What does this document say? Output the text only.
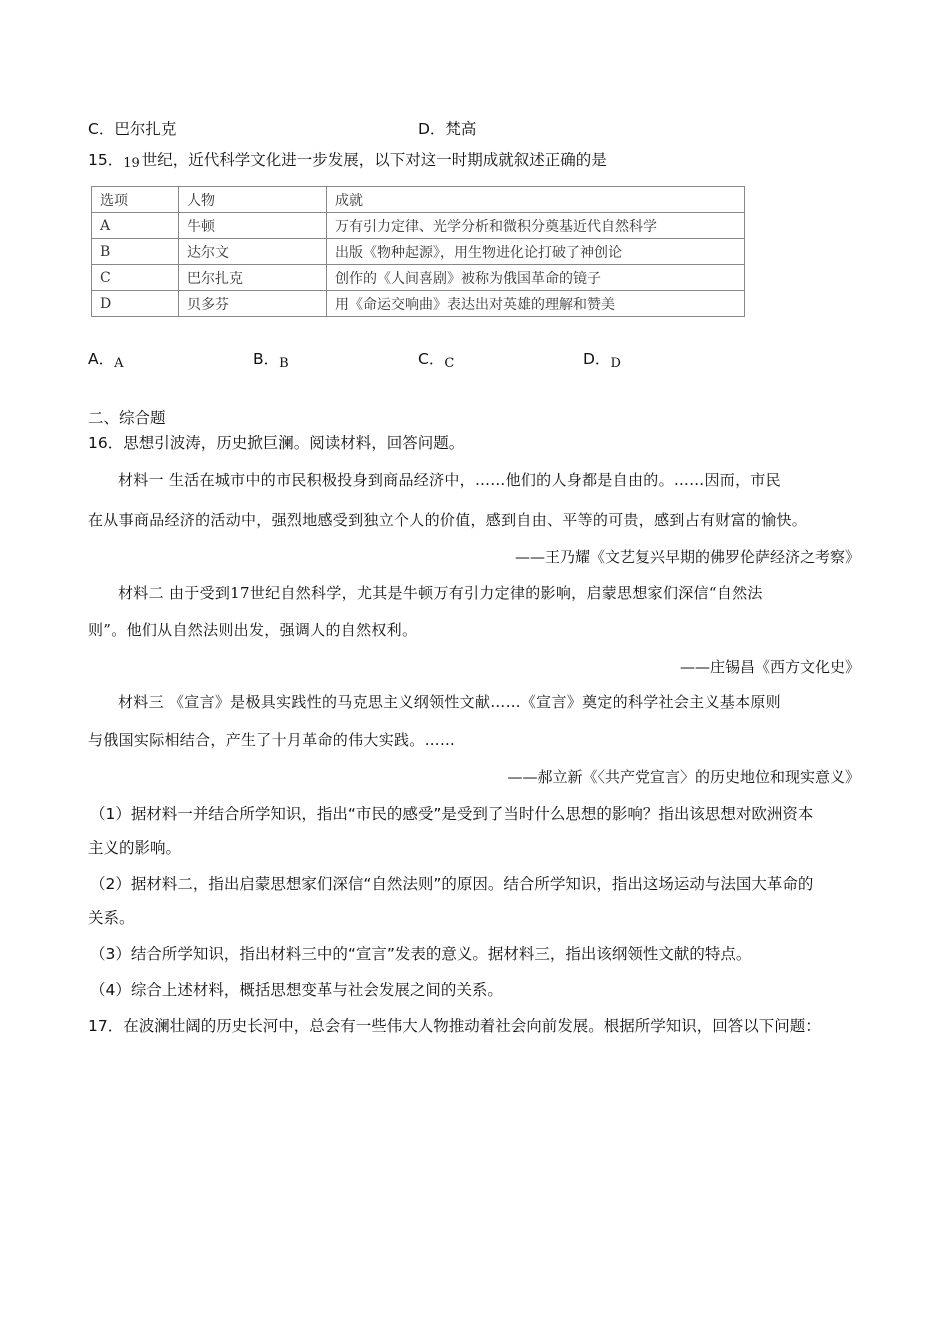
C．巴尔扎克	D．梵高
15．19 世纪，近代科学文化进一步发展，以下对这一时期成就叙述正确的是
选项	人物	成就
A	牛顿	万有引力定律、光学分析和微积分奠基近代自然科学
B	达尔文	出版《物种起源》，用生物进化论打破了神创论
C	巴尔扎克	创作的《人间喜剧》被称为俄国革命的镜子
D	贝多芬	用《命运交响曲》表达出对英雄的理解和赞美
A．A	B．B	C．C	D．D
二、综合题
16．思想引波涛，历史掀巨澜。阅读材料，回答问题。
材料一 生活在城市中的市民积极投身到商品经济中，……他们的人身都是自由的。……因而，市民
在从事商品经济的活动中，强烈地感受到独立个人的价值，感到自由、平等的可贵，感到占有财富的愉快。
——王乃耀《文艺复兴早期的佛罗伦萨经济之考察》
材料二 由于受到17世纪自然科学，尤其是牛顿万有引力定律的影响，启蒙思想家们深信“自然法
则”。他们从自然法则出发，强调人的自然权利。
——庄锡昌《西方文化史》
材料三 《宣言》是极具实践性的马克思主义纲领性文献……《宣言》奠定的科学社会主义基本原则
与俄国实际相结合，产生了十月革命的伟大实践。……
——郝立新《〈共产党宣言〉的历史地位和现实意义》
（1）据材料一并结合所学知识，指出“市民的感受”是受到了当时什么思想的影响？指出该思想对欧洲资本
主义的影响。
（2）据材料二，指出启蒙思想家们深信“自然法则”的原因。结合所学知识，指出这场运动与法国大革命的
关系。
（3）结合所学知识，指出材料三中的“宣言”发表的意义。据材料三，指出该纲领性文献的特点。
（4）综合上述材料，概括思想变革与社会发展之间的关系。
17．在波澜壮阔的历史长河中，总会有一些伟大人物推动着社会向前发展。根据所学知识，回答以下问题：
